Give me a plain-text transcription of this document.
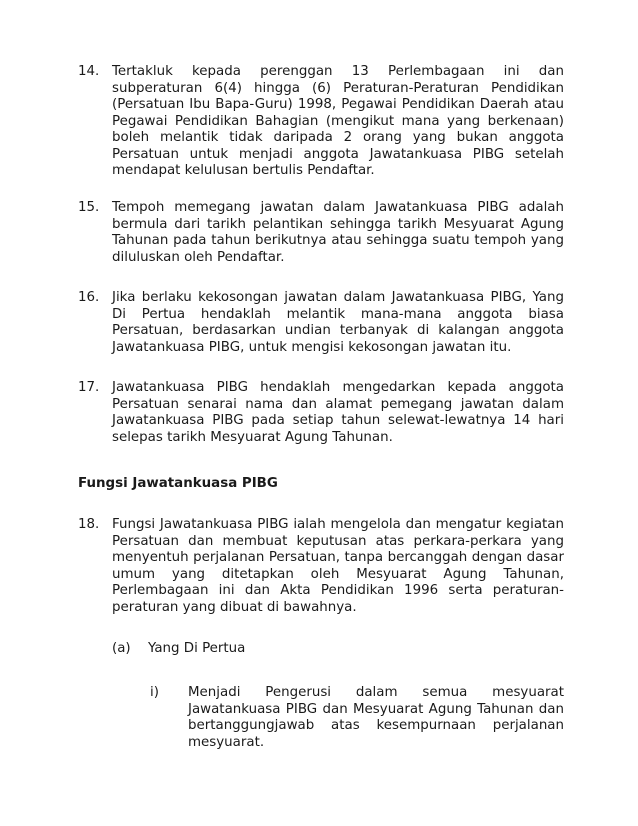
14. Tertakluk kepada perenggan 13 Perlembagaan ini dan subperaturan 6(4) hingga (6) Peraturan-Peraturan Pendidikan (Persatuan Ibu Bapa-Guru) 1998, Pegawai Pendidikan Daerah atau Pegawai Pendidikan Bahagian (mengikut mana yang berkenaan) boleh melantik tidak daripada 2 orang yang bukan anggota Persatuan untuk menjadi anggota Jawatankuasa PIBG setelah mendapat kelulusan bertulis Pendaftar.
15. Tempoh memegang jawatan dalam Jawatankuasa PIBG adalah bermula dari tarikh pelantikan sehingga tarikh Mesyuarat Agung Tahunan pada tahun berikutnya atau sehingga suatu tempoh yang diluluskan oleh Pendaftar.
16. Jika berlaku kekosongan jawatan dalam Jawatankuasa PIBG, Yang Di Pertua hendaklah melantik mana-mana anggota biasa Persatuan, berdasarkan undian terbanyak di kalangan anggota Jawatankuasa PIBG, untuk mengisi kekosongan jawatan itu.
17. Jawatankuasa PIBG hendaklah mengedarkan kepada anggota Persatuan senarai nama dan alamat pemegang jawatan dalam Jawatankuasa PIBG pada setiap tahun selewat-lewatnya 14 hari selepas tarikh Mesyuarat Agung Tahunan.
Fungsi Jawatankuasa PIBG
18. Fungsi Jawatankuasa PIBG ialah mengelola dan mengatur kegiatan Persatuan dan membuat keputusan atas perkara-perkara yang menyentuh perjalanan Persatuan, tanpa bercanggah dengan dasar umum yang ditetapkan oleh Mesyuarat Agung Tahunan, Perlembagaan ini dan Akta Pendidikan 1996 serta peraturan-peraturan yang dibuat di bawahnya.
(a) Yang Di Pertua
i) Menjadi Pengerusi dalam semua mesyuarat Jawatankuasa PIBG dan Mesyuarat Agung Tahunan dan bertanggungjawab atas kesempurnaan perjalanan mesyuarat.
